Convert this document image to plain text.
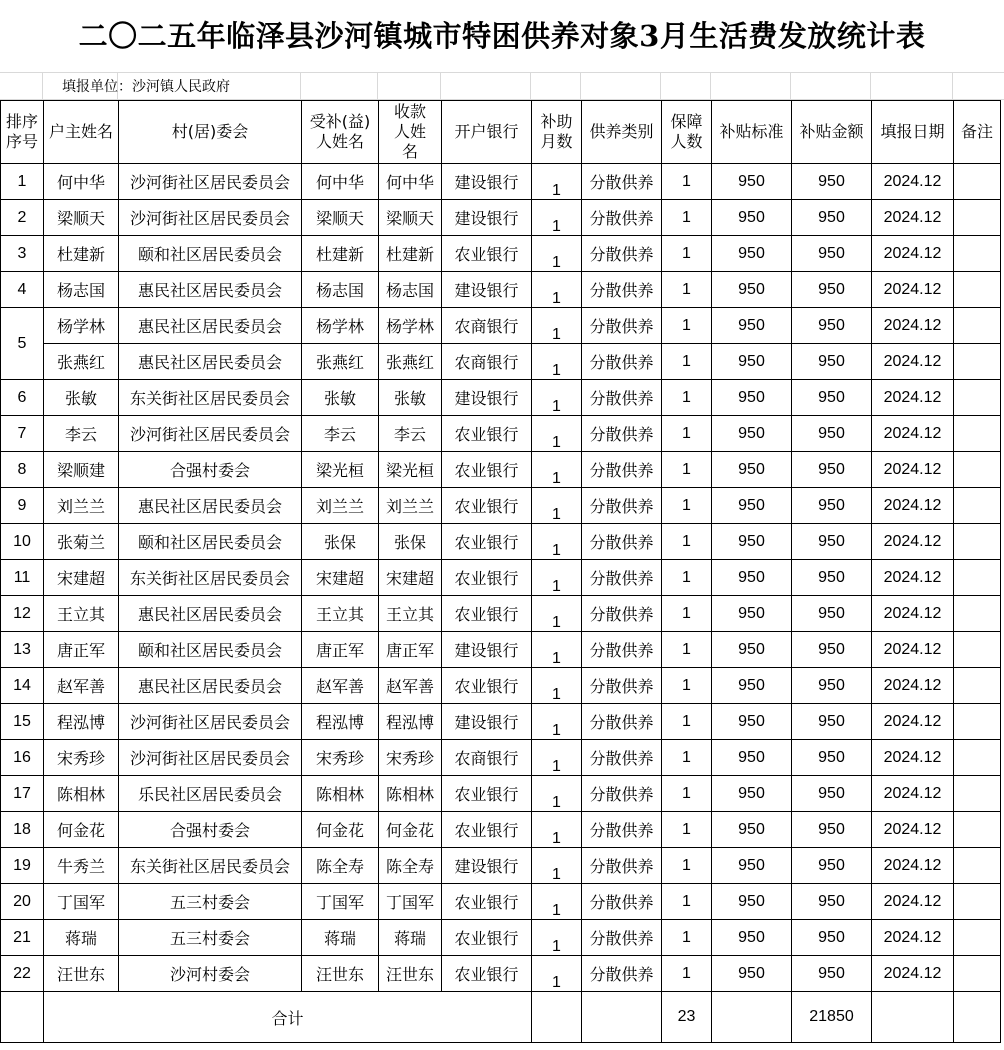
二〇二五年临泽县沙河镇城市特困供养对象3月生活费发放统计表
填报单位：沙河镇人民政府
排序序号	户主姓名	村(居)委会	受补(益)人姓名	收款人姓名	开户银行	补助月数	供养类别	保障人数	补贴标准	补贴金额	填报日期	备注
1	何中华	沙河街社区居民委员会	何中华	何中华	建设银行	1	分散供养	1	950	950	2024.12	
2	梁顺天	沙河街社区居民委员会	梁顺天	梁顺天	建设银行	1	分散供养	1	950	950	2024.12	
3	杜建新	颐和社区居民委员会	杜建新	杜建新	农业银行	1	分散供养	1	950	950	2024.12	
4	杨志国	惠民社区居民委员会	杨志国	杨志国	建设银行	1	分散供养	1	950	950	2024.12	
5	杨学林	惠民社区居民委员会	杨学林	杨学林	农商银行	1	分散供养	1	950	950	2024.12	
	张燕红	惠民社区居民委员会	张燕红	张燕红	农商银行	1	分散供养	1	950	950	2024.12	
6	张敏	东关街社区居民委员会	张敏	张敏	建设银行	1	分散供养	1	950	950	2024.12	
7	李云	沙河街社区居民委员会	李云	李云	农业银行	1	分散供养	1	950	950	2024.12	
8	梁顺建	合强村委会	梁光桓	梁光桓	农业银行	1	分散供养	1	950	950	2024.12	
9	刘兰兰	惠民社区居民委员会	刘兰兰	刘兰兰	农业银行	1	分散供养	1	950	950	2024.12	
10	张菊兰	颐和社区居民委员会	张保	张保	农业银行	1	分散供养	1	950	950	2024.12	
11	宋建超	东关街社区居民委员会	宋建超	宋建超	农业银行	1	分散供养	1	950	950	2024.12	
12	王立其	惠民社区居民委员会	王立其	王立其	农业银行	1	分散供养	1	950	950	2024.12	
13	唐正军	颐和社区居民委员会	唐正军	唐正军	建设银行	1	分散供养	1	950	950	2024.12	
14	赵军善	惠民社区居民委员会	赵军善	赵军善	农业银行	1	分散供养	1	950	950	2024.12	
15	程泓博	沙河街社区居民委员会	程泓博	程泓博	建设银行	1	分散供养	1	950	950	2024.12	
16	宋秀珍	沙河街社区居民委员会	宋秀珍	宋秀珍	农商银行	1	分散供养	1	950	950	2024.12	
17	陈相林	乐民社区居民委员会	陈相林	陈相林	农业银行	1	分散供养	1	950	950	2024.12	
18	何金花	合强村委会	何金花	何金花	农业银行	1	分散供养	1	950	950	2024.12	
19	牛秀兰	东关街社区居民委员会	陈全寿	陈全寿	建设银行	1	分散供养	1	950	950	2024.12	
20	丁国军	五三村委会	丁国军	丁国军	农业银行	1	分散供养	1	950	950	2024.12	
21	蒋瑞	五三村委会	蒋瑞	蒋瑞	农业银行	1	分散供养	1	950	950	2024.12	
22	汪世东	沙河村委会	汪世东	汪世东	农业银行	1	分散供养	1	950	950	2024.12	
	合计							23		21850		
